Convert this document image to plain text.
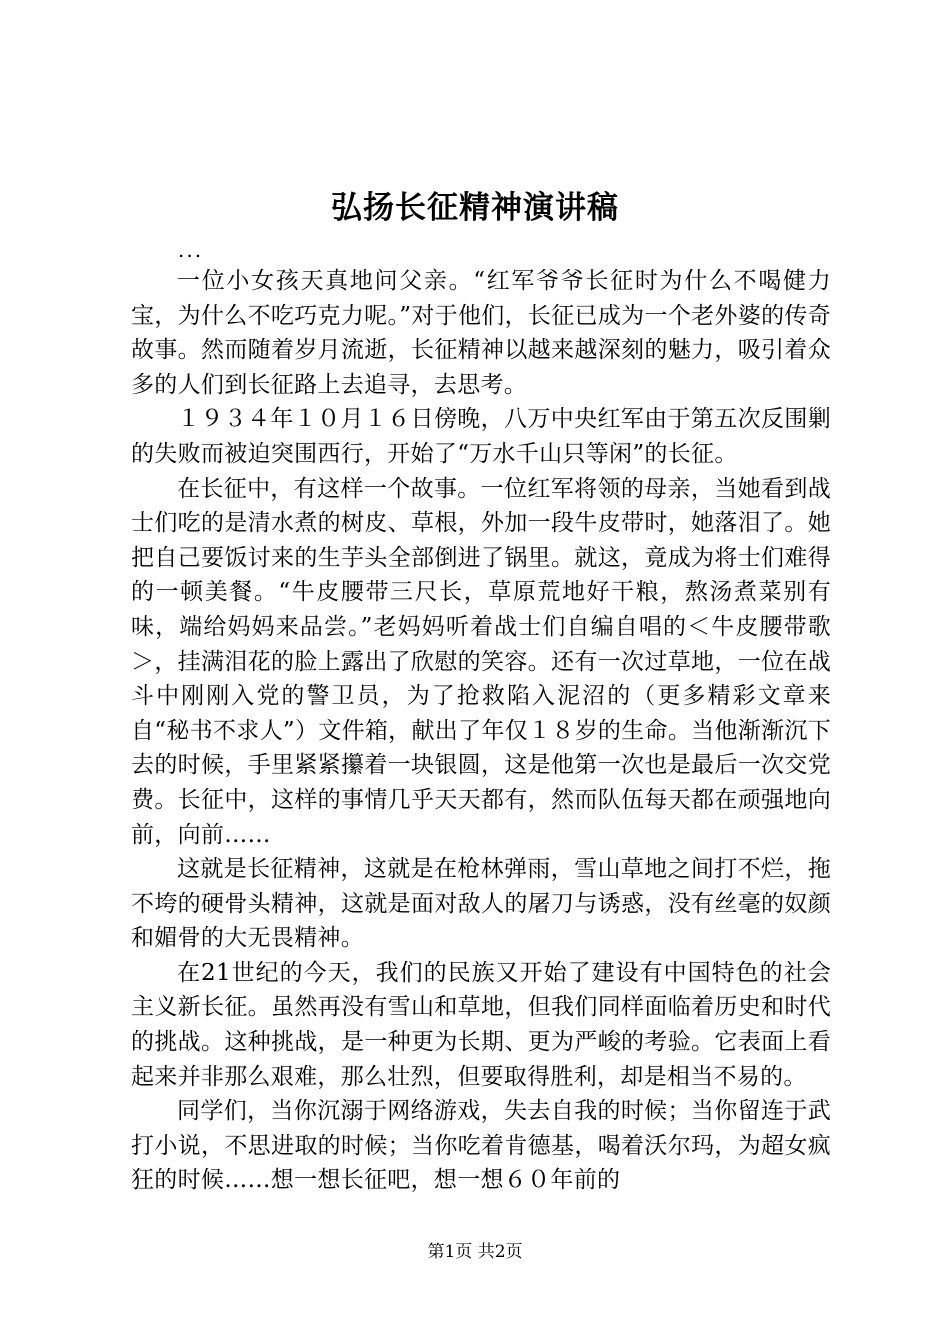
弘扬长征精神演讲稿

...

一位小女孩天真地问父亲。“红军爷爷长征时为什么不喝健力宝，为什么不吃巧克力呢。”对于他们，长征已成为一个老外婆的传奇故事。然而随着岁月流逝，长征精神以越来越深刻的魅力，吸引着众多的人们到长征路上去追寻，去思考。

１９３４年１０月１６日傍晚，八万中央红军由于第五次反围剿的失败而被迫突围西行，开始了“万水千山只等闲”的长征。

在长征中，有这样一个故事。一位红军将领的母亲，当她看到战士们吃的是清水煮的树皮、草根，外加一段牛皮带时，她落泪了。她把自己要饭讨来的生芋头全部倒进了锅里。就这，竟成为将士们难得的一顿美餐。“牛皮腰带三尺长，草原荒地好干粮，熬汤煮菜别有味，端给妈妈来品尝。”老妈妈听着战士们自编自唱的＜牛皮腰带歌＞，挂满泪花的脸上露出了欣慰的笑容。还有一次过草地，一位在战斗中刚刚入党的警卫员，为了抢救陷入泥沼的（更多精彩文章来自“秘书不求人”）文件箱，献出了年仅１８岁的生命。当他渐渐沉下去的时候，手里紧紧攥着一块银圆，这是他第一次也是最后一次交党费。长征中，这样的事情几乎天天都有，然而队伍每天都在顽强地向前，向前……

这就是长征精神，这就是在枪林弹雨，雪山草地之间打不烂，拖不垮的硬骨头精神，这就是面对敌人的屠刀与诱惑，没有丝毫的奴颜和媚骨的大无畏精神。

在21世纪的今天，我们的民族又开始了建设有中国特色的社会主义新长征。虽然再没有雪山和草地，但我们同样面临着历史和时代的挑战。这种挑战，是一种更为长期、更为严峻的考验。它表面上看起来并非那么艰难，那么壮烈，但要取得胜利，却是相当不易的。

同学们，当你沉溺于网络游戏，失去自我的时候；当你留连于武打小说，不思进取的时候；当你吃着肯德基，喝着沃尔玛，为超女疯狂的时候……想一想长征吧，想一想６０年前的

第1页 共2页
